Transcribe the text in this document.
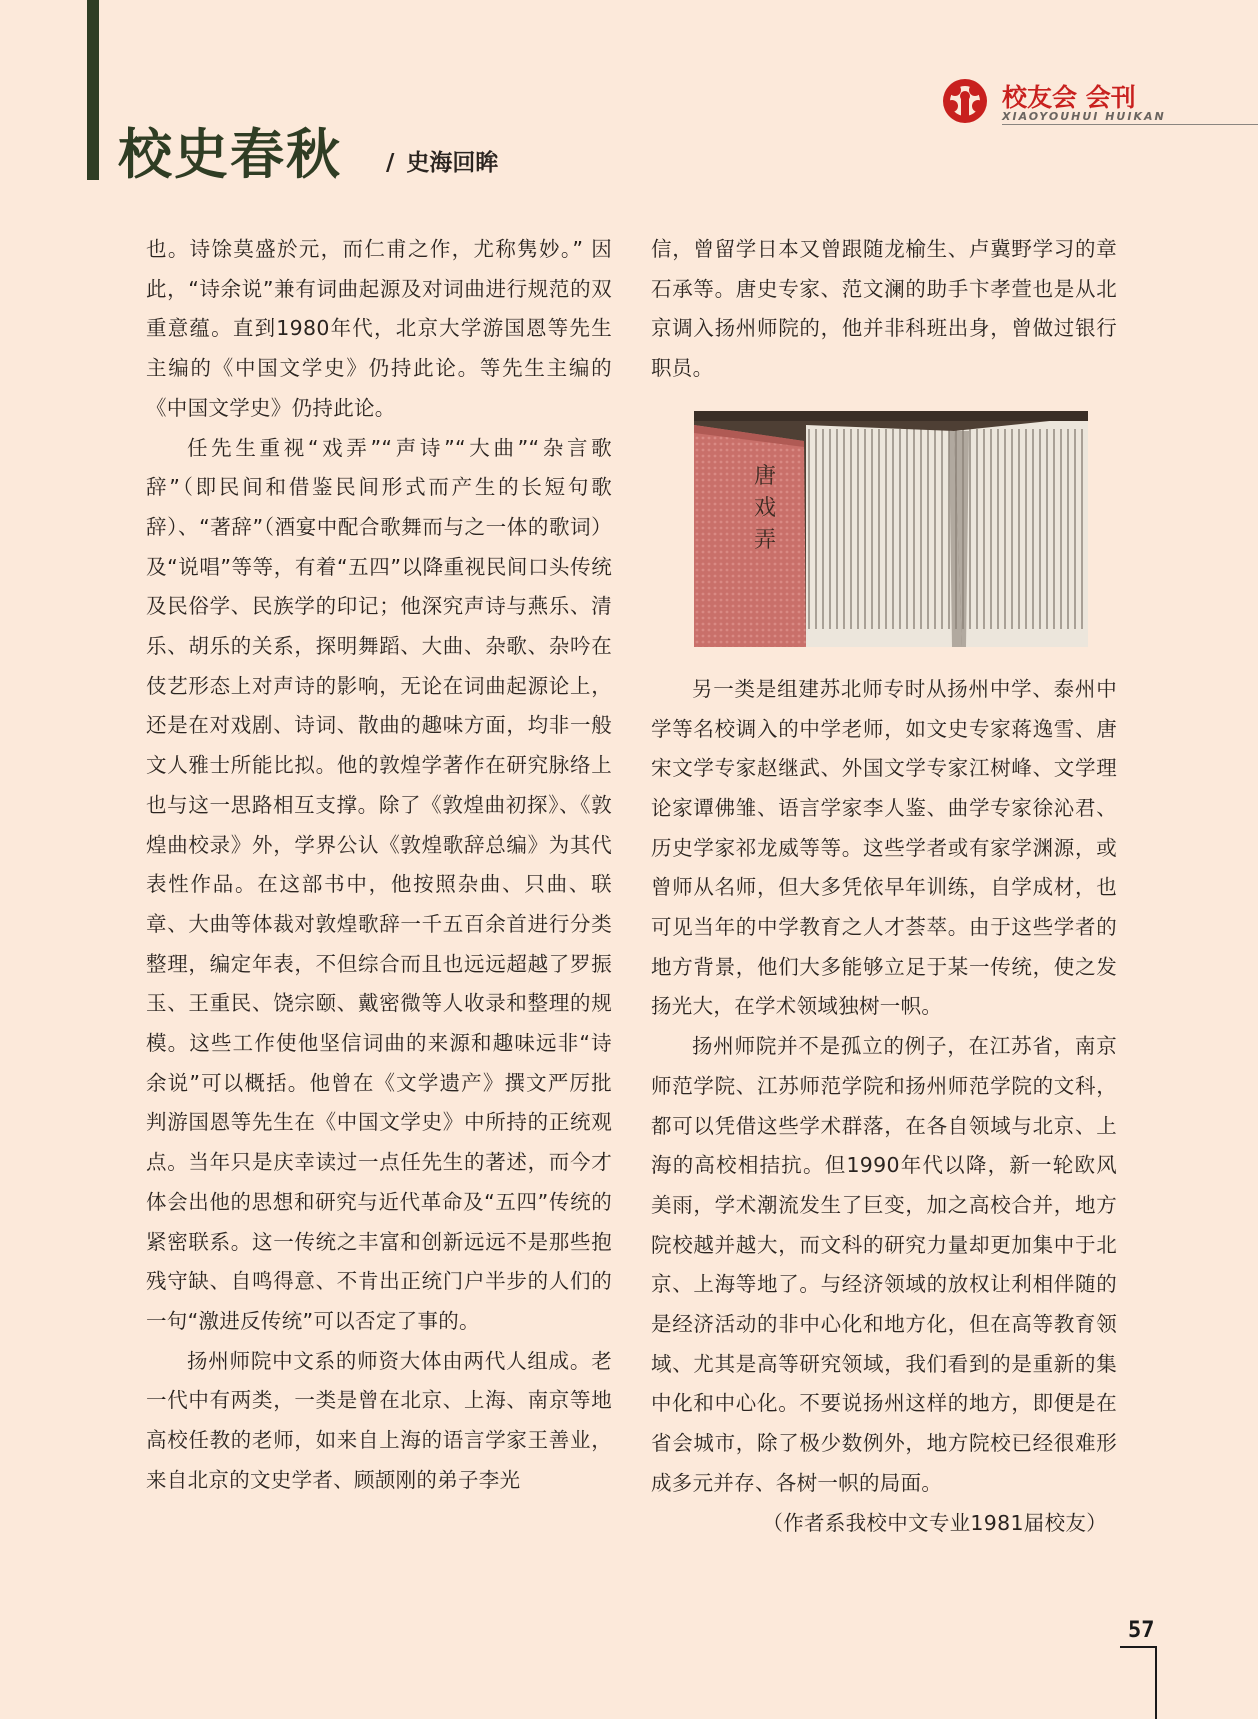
校史春秋 / 史海回眸
校友会 会刊
XIAOYOUHUI HUIKAN

也。诗馀莫盛於元，而仁甫之作，尤称隽妙。” 因此，“诗余说”兼有词曲起源及对词曲进行规范的双重意蕴。直到1980年代，北京大学游国恩等先生主编的《中国文学史》仍持此论。等先生主编的《中国文学史》仍持此论。

任先生重视“戏弄”“声诗”“大曲”“杂言歌辞”（即民间和借鉴民间形式而产生的长短句歌辞）、“著辞”（酒宴中配合歌舞而与之一体的歌词）及“说唱”等等，有着“五四”以降重视民间口头传统及民俗学、民族学的印记；他深究声诗与燕乐、清乐、胡乐的关系，探明舞蹈、大曲、杂歌、杂吟在伎艺形态上对声诗的影响，无论在词曲起源论上，还是在对戏剧、诗词、散曲的趣味方面，均非一般文人雅士所能比拟。他的敦煌学著作在研究脉络上也与这一思路相互支撑。除了《敦煌曲初探》、《敦煌曲校录》外，学界公认《敦煌歌辞总编》为其代表性作品。在这部书中，他按照杂曲、只曲、联章、大曲等体裁对敦煌歌辞一千五百余首进行分类整理，编定年表，不但综合而且也远远超越了罗振玉、王重民、饶宗颐、戴密微等人收录和整理的规模。这些工作使他坚信词曲的来源和趣味远非“诗余说”可以概括。他曾在《文学遗产》撰文严厉批判游国恩等先生在《中国文学史》中所持的正统观点。当年只是庆幸读过一点任先生的著述，而今才体会出他的思想和研究与近代革命及“五四”传统的紧密联系。这一传统之丰富和创新远远不是那些抱残守缺、自鸣得意、不肯出正统门户半步的人们的一句“激进反传统”可以否定了事的。

扬州师院中文系的师资大体由两代人组成。老一代中有两类，一类是曾在北京、上海、南京等地高校任教的老师，如来自上海的语言学家王善业，来自北京的文史学者、顾颉刚的弟子李光

信，曾留学日本又曾跟随龙榆生、卢冀野学习的章石承等。唐史专家、范文澜的助手卞孝萱也是从北京调入扬州师院的，他并非科班出身，曾做过银行职员。

唐 戏 弄

另一类是组建苏北师专时从扬州中学、泰州中学等名校调入的中学老师，如文史专家蒋逸雪、唐宋文学专家赵继武、外国文学专家江树峰、文学理论家谭佛雏、语言学家李人鉴、曲学专家徐沁君、历史学家祁龙威等等。这些学者或有家学渊源，或曾师从名师，但大多凭依早年训练，自学成材，也可见当年的中学教育之人才荟萃。由于这些学者的地方背景，他们大多能够立足于某一传统，使之发扬光大，在学术领域独树一帜。

扬州师院并不是孤立的例子，在江苏省，南京师范学院、江苏师范学院和扬州师范学院的文科，都可以凭借这些学术群落，在各自领域与北京、上海的高校相拮抗。但1990年代以降，新一轮欧风美雨，学术潮流发生了巨变，加之高校合并，地方院校越并越大，而文科的研究力量却更加集中于北京、上海等地了。与经济领域的放权让利相伴随的是经济活动的非中心化和地方化，但在高等教育领域、尤其是高等研究领域，我们看到的是重新的集中化和中心化。不要说扬州这样的地方，即便是在省会城市，除了极少数例外，地方院校已经很难形成多元并存、各树一帜的局面。

（作者系我校中文专业1981届校友）

57
